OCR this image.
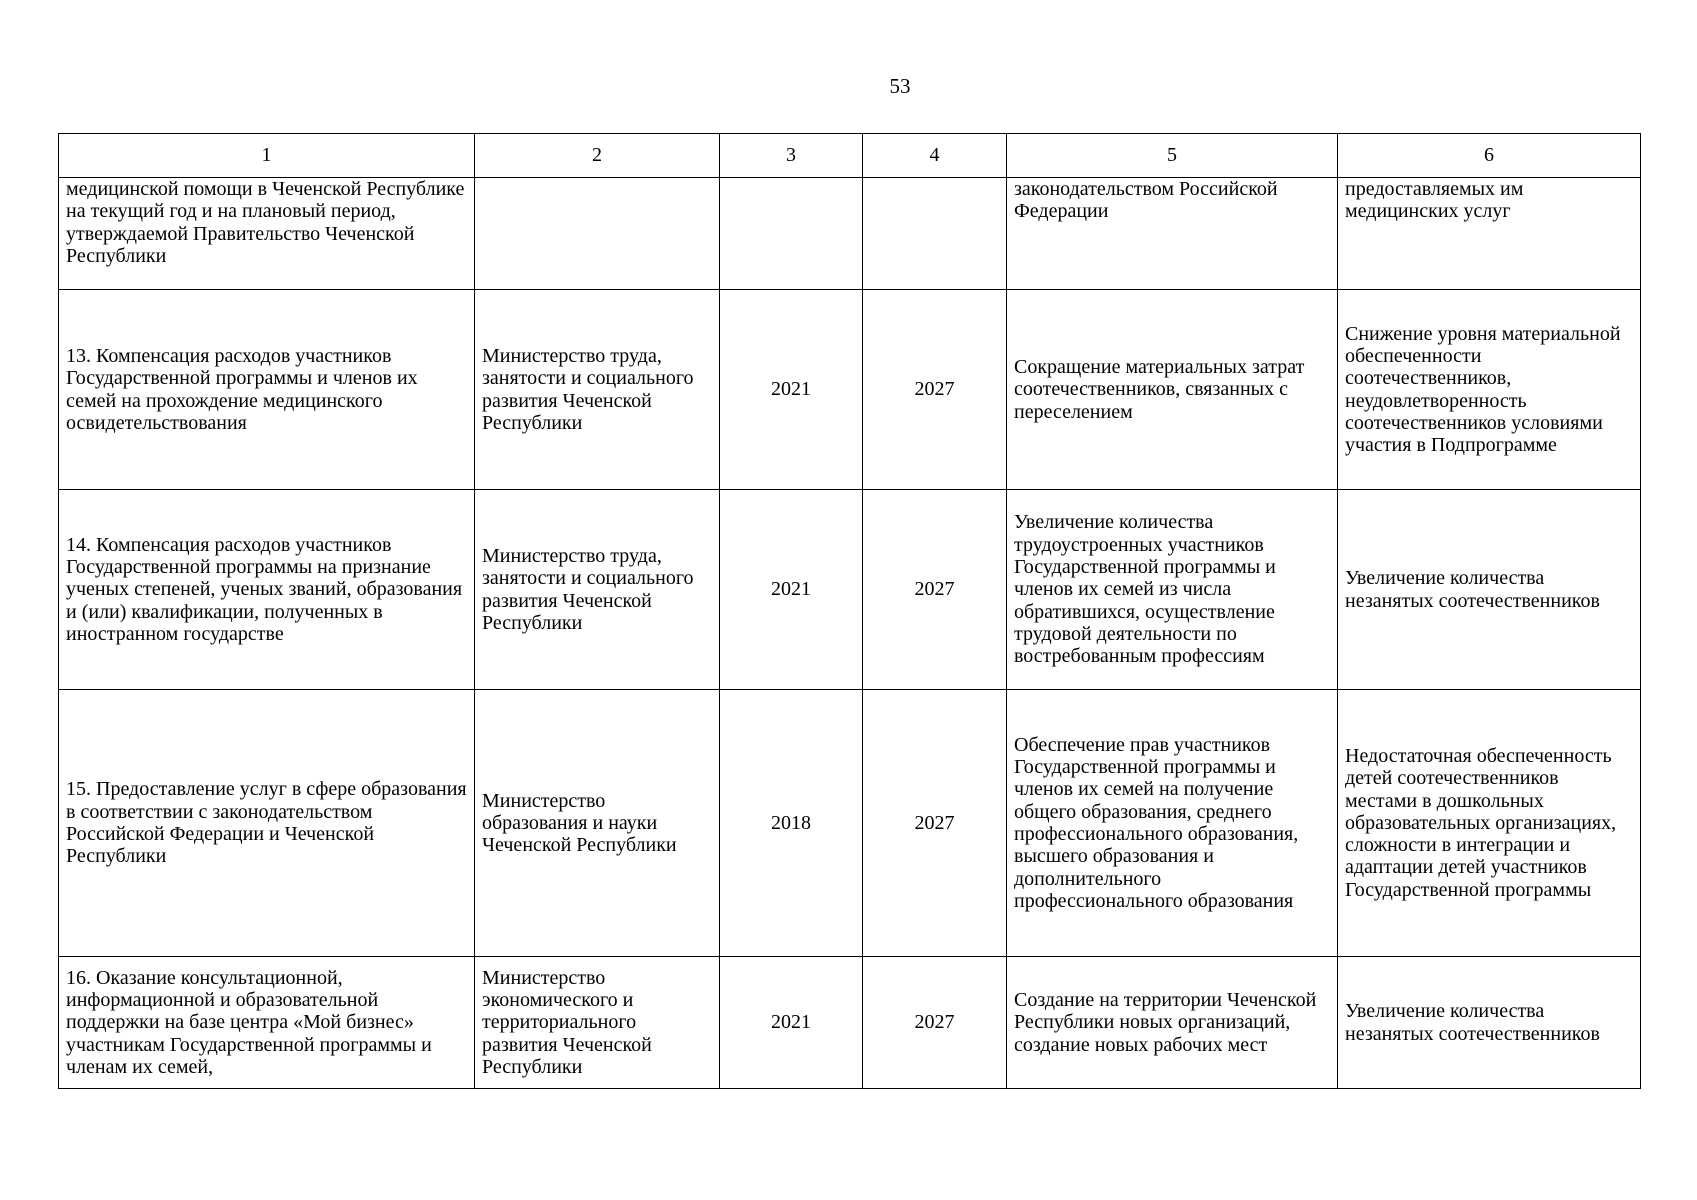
53
1	2	3	4	5	6
медицинской помощи в Чеченской Республике на текущий год и на плановый период, утверждаемой Правительство Чеченской Республики				законодательством Российской Федерации	предоставляемых им медицинских услуг
13. Компенсация расходов участников Государственной программы и членов их семей на прохождение медицинского освидетельствования	Министерство труда, занятости и социального развития Чеченской Республики	2021	2027	Сокращение материальных затрат соотечественников, связанных с переселением	Снижение уровня материальной обеспеченности соотечественников, неудовлетворенность соотечественников условиями участия в Подпрограмме
14. Компенсация расходов участников Государственной программы на признание ученых степеней, ученых званий, образования и (или) квалификации, полученных в иностранном государстве	Министерство труда, занятости и социального развития Чеченской Республики	2021	2027	Увеличение количества трудоустроенных участников Государственной программы и членов их семей из числа обратившихся, осуществление трудовой деятельности по востребованным профессиям	Увеличение количества незанятых соотечественников
15. Предоставление услуг в сфере образования в соответствии с законодательством Российской Федерации и Чеченской Республики	Министерство образования и науки Чеченской Республики	2018	2027	Обеспечение прав участников Государственной программы и членов их семей на получение общего образования, среднего профессионального образования, высшего образования и дополнительного профессионального образования	Недостаточная обеспеченность детей соотечественников местами в дошкольных образовательных организациях, сложности в интеграции и адаптации детей участников Государственной программы
16. Оказание консультационной, информационной и образовательной поддержки на базе центра «Мой бизнес» участникам Государственной программы и членам их семей,	Министерство экономического и территориального развития Чеченской Республики	2021	2027	Создание на территории Чеченской Республики новых организаций, создание новых рабочих мест	Увеличение количества незанятых соотечественников
